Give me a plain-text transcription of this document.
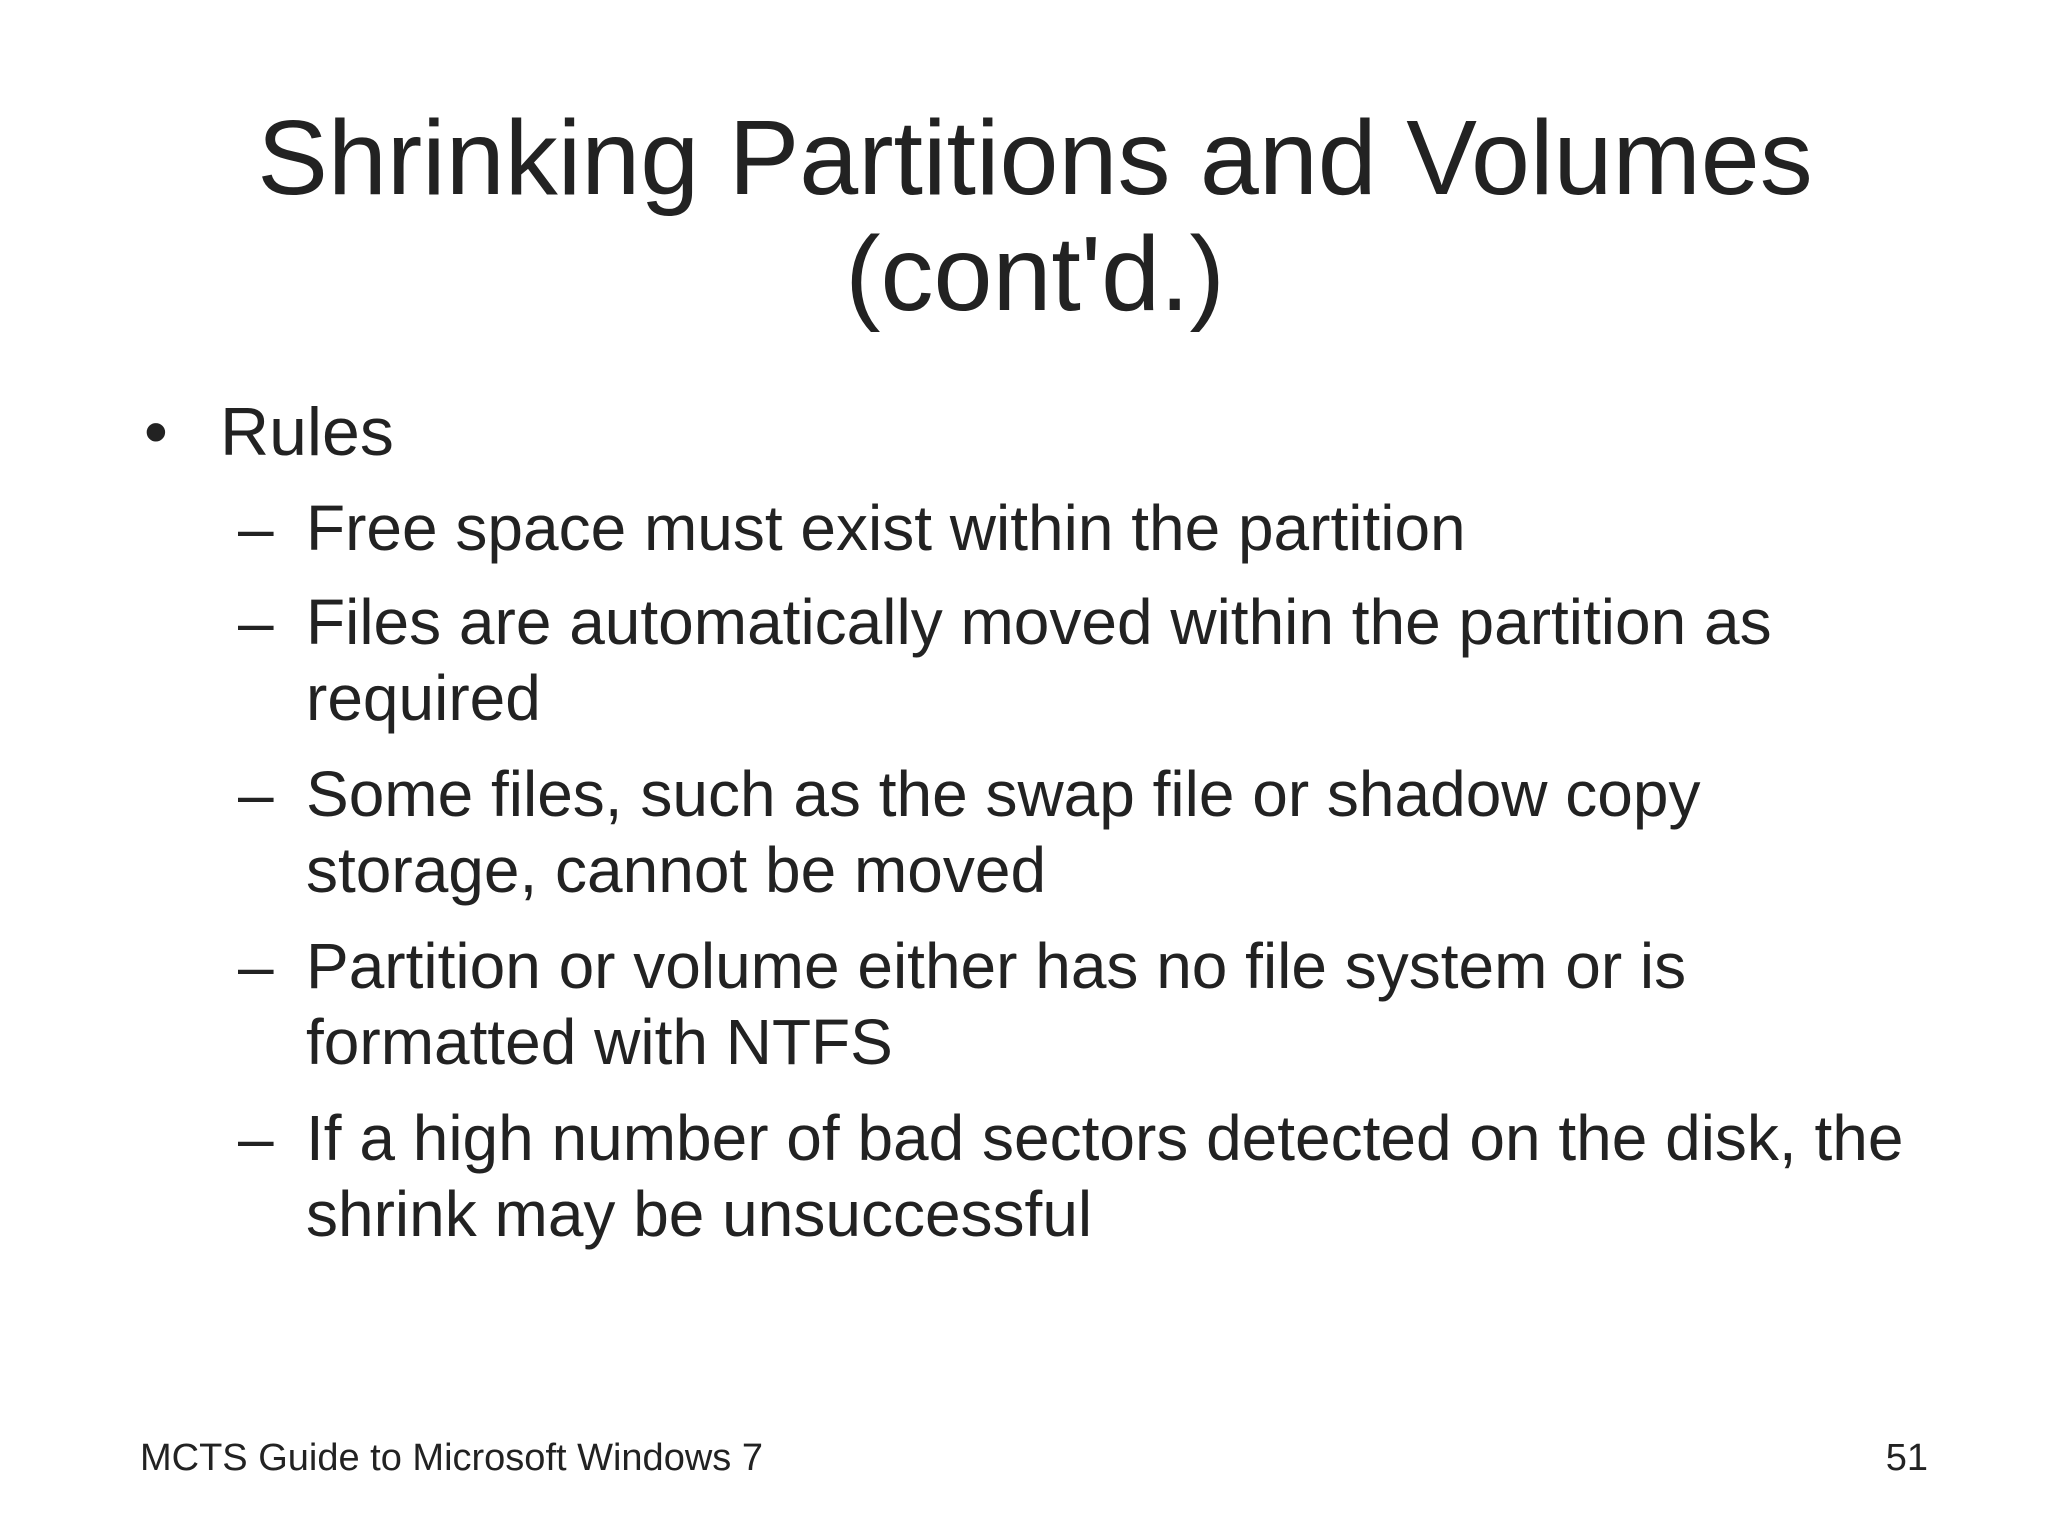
Shrinking Partitions and Volumes
(cont'd.)
• Rules
– Free space must exist within the partition
– Files are automatically moved within the partition as required
– Some files, such as the swap file or shadow copy storage, cannot be moved
– Partition or volume either has no file system or is formatted with NTFS
– If a high number of bad sectors detected on the disk, the shrink may be unsuccessful
MCTS Guide to Microsoft Windows 7	51
